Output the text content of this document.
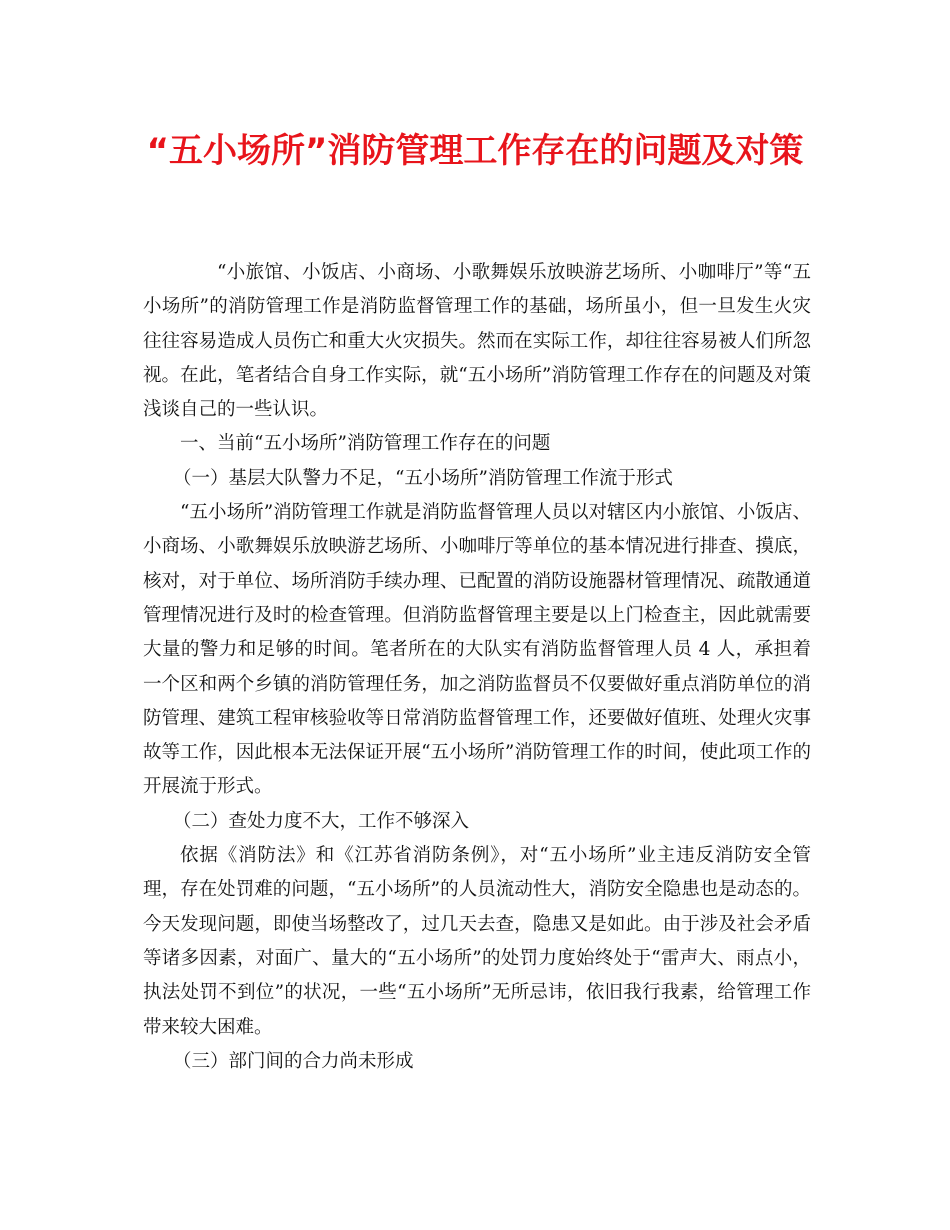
“五小场所”消防管理工作存在的问题及对策

“小旅馆、小饭店、小商场、小歌舞娱乐放映游艺场所、小咖啡厅”等“五小场所”的消防管理工作是消防监督管理工作的基础，场所虽小，但一旦发生火灾往往容易造成人员伤亡和重大火灾损失。然而在实际工作，却往往容易被人们所忽视。在此，笔者结合自身工作实际，就“五小场所”消防管理工作存在的问题及对策浅谈自己的一些认识。

一、当前“五小场所”消防管理工作存在的问题

（一）基层大队警力不足，“五小场所”消防管理工作流于形式

“五小场所”消防管理工作就是消防监督管理人员以对辖区内小旅馆、小饭店、小商场、小歌舞娱乐放映游艺场所、小咖啡厅等单位的基本情况进行排查、摸底，核对，对于单位、场所消防手续办理、已配置的消防设施器材管理情况、疏散通道管理情况进行及时的检查管理。但消防监督管理主要是以上门检查主，因此就需要大量的警力和足够的时间。笔者所在的大队实有消防监督管理人员 4 人，承担着一个区和两个乡镇的消防管理任务，加之消防监督员不仅要做好重点消防单位的消防管理、建筑工程审核验收等日常消防监督管理工作，还要做好值班、处理火灾事故等工作，因此根本无法保证开展“五小场所”消防管理工作的时间，使此项工作的开展流于形式。

（二）查处力度不大，工作不够深入

依据《消防法》和《江苏省消防条例》，对“五小场所”业主违反消防安全管理，存在处罚难的问题，“五小场所”的人员流动性大，消防安全隐患也是动态的。今天发现问题，即使当场整改了，过几天去查，隐患又是如此。由于涉及社会矛盾等诸多因素，对面广、量大的“五小场所”的处罚力度始终处于“雷声大、雨点小，执法处罚不到位”的状况，一些“五小场所”无所忌讳，依旧我行我素，给管理工作带来较大困难。

（三）部门间的合力尚未形成
